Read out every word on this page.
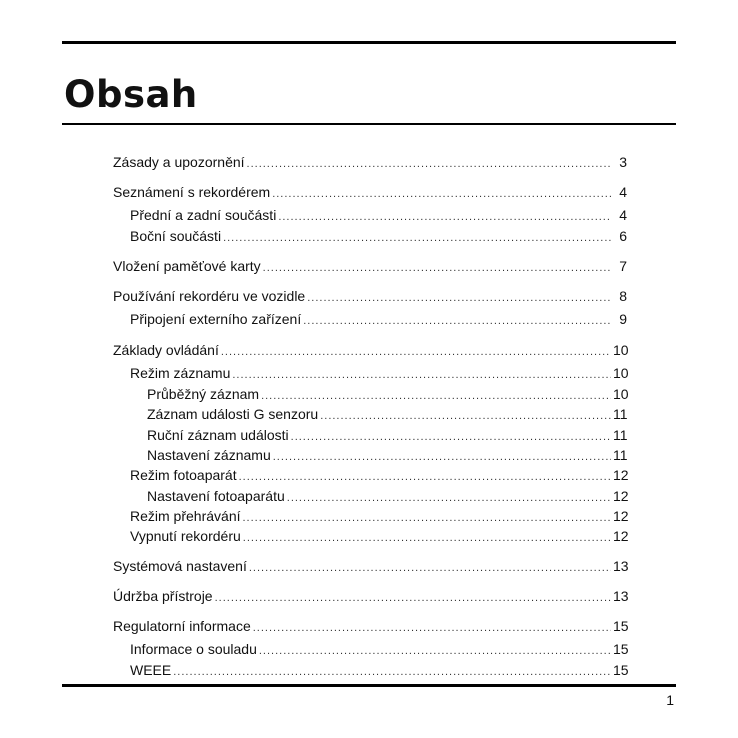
Obsah
Zásady a upozornění .....	3
Seznámení s rekordérem .....	4
Přední a zadní součásti .....	4
Boční součásti .....	6
Vložení paměťové karty .....	7
Používání rekordéru ve vozidle .....	8
Připojení externího zařízení .....	9
Základy ovládání .....	10
Režim záznamu .....	10
Průběžný záznam .....	10
Záznam události G senzoru .....	11
Ruční záznam události .....	11
Nastavení záznamu .....	11
Režim fotoaparát .....	12
Nastavení fotoaparátu .....	12
Režim přehrávání .....	12
Vypnutí rekordéru .....	12
Systémová nastavení .....	13
Údržba přístroje .....	13
Regulatorní informace .....	15
Informace o souladu .....	15
WEEE .....	15
1
